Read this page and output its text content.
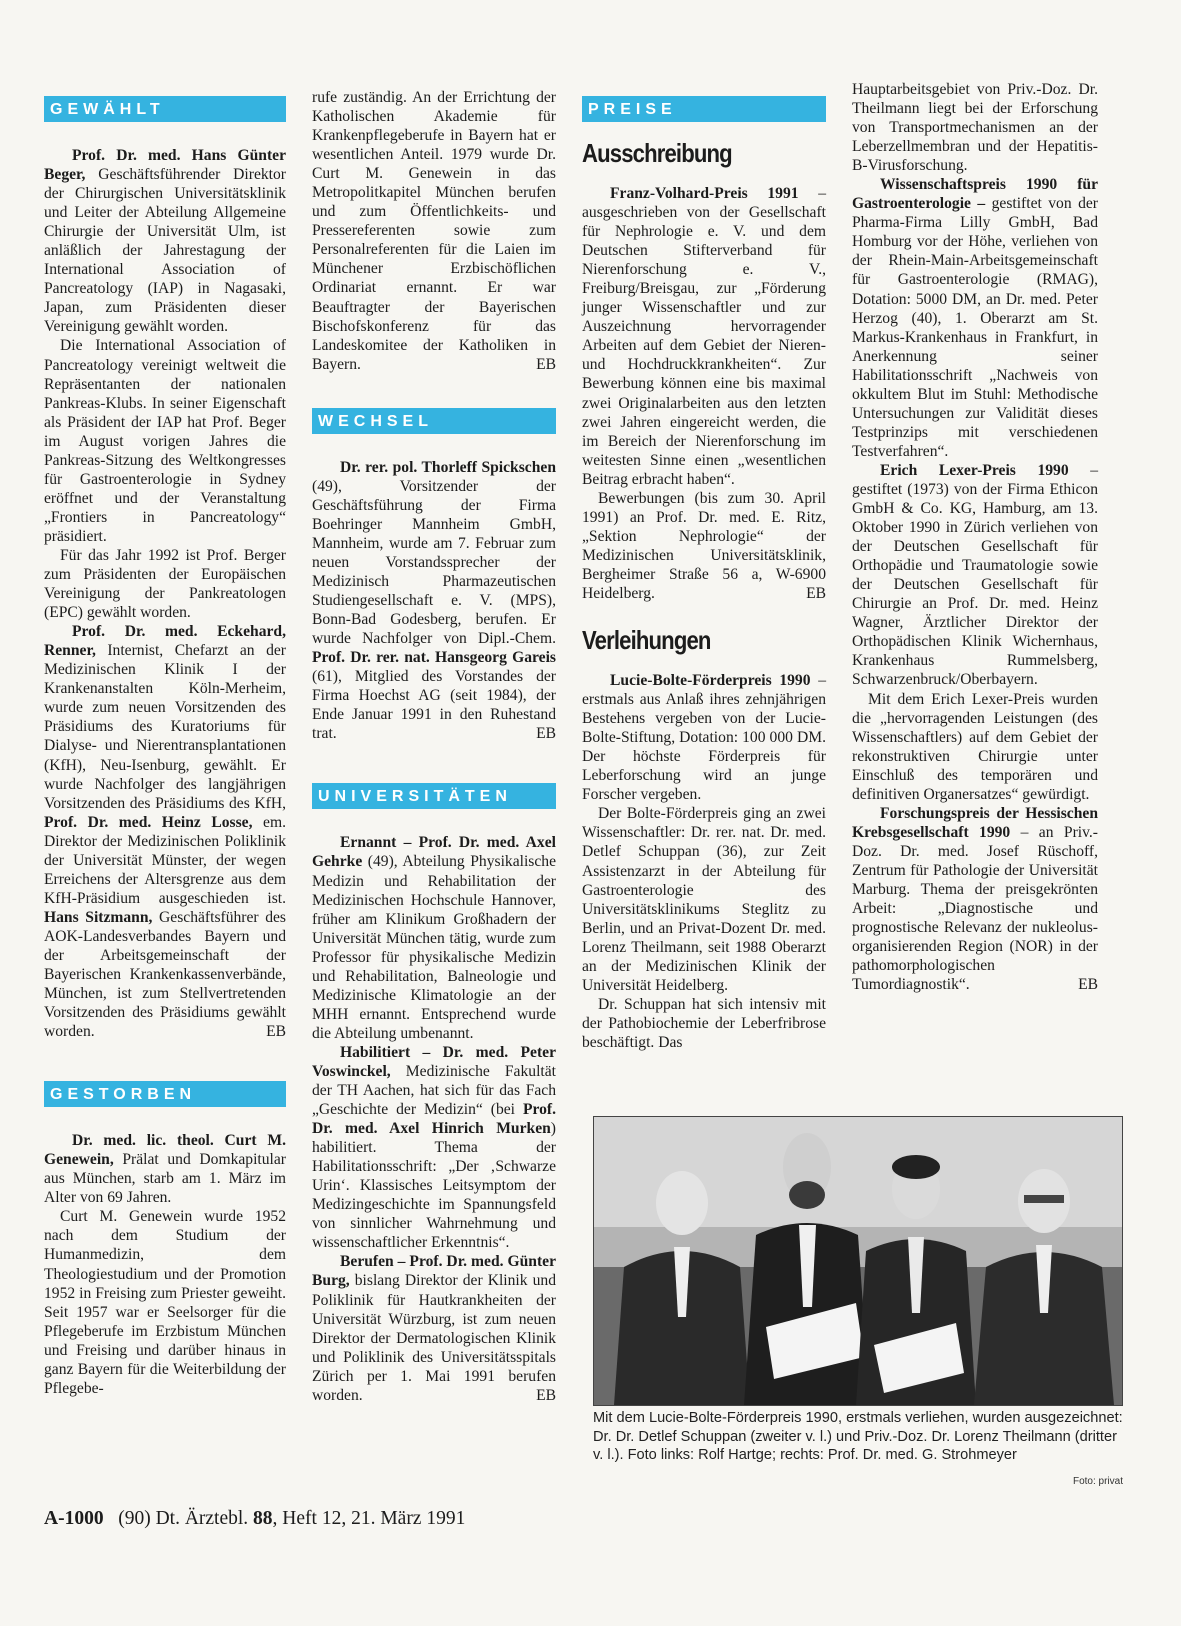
GEWÄHLT

Prof. Dr. med. Hans Günter Beger, Geschäftsführender Direktor der Chirurgischen Universitätsklinik und Leiter der Abteilung Allgemeine Chirurgie der Universität Ulm, ist anläßlich der Jahrestagung der International Association of Pancreatology (IAP) in Nagasaki, Japan, zum Präsidenten dieser Vereinigung gewählt worden.

Die International Association of Pancreatology vereinigt weltweit die Repräsentanten der nationalen Pankreas-Klubs. In seiner Eigenschaft als Präsident der IAP hat Prof. Beger im August vorigen Jahres die Pankreas-Sitzung des Weltkongresses für Gastroenterologie in Sydney eröffnet und der Veranstaltung „Frontiers in Pancreatology“ präsidiert.

Für das Jahr 1992 ist Prof. Berger zum Präsidenten der Europäischen Vereinigung der Pankreatologen (EPC) gewählt worden.

Prof. Dr. med. Eckehard, Renner, Internist, Chefarzt an der Medizinischen Klinik I der Krankenanstalten Köln-Merheim, wurde zum neuen Vorsitzenden des Präsidiums des Kuratoriums für Dialyse- und Nierentransplantationen (KfH), Neu-Isenburg, gewählt. Er wurde Nachfolger des langjährigen Vorsitzenden des Präsidiums des KfH, Prof. Dr. med. Heinz Losse, em. Direktor der Medizinischen Poliklinik der Universität Münster, der wegen Erreichens der Altersgrenze aus dem KfH-Präsidium ausgeschieden ist. Hans Sitzmann, Geschäftsführer des AOK-Landesverbandes Bayern und der Arbeitsgemeinschaft der Bayerischen Krankenkassenverbände, München, ist zum Stellvertretenden Vorsitzenden des Präsidiums gewählt worden.	EB

GESTORBEN

Dr. med. lic. theol. Curt M. Genewein, Prälat und Domkapitular aus München, starb am 1. März im Alter von 69 Jahren.

Curt M. Genewein wurde 1952 nach dem Studium der Humanmedizin, dem Theologiestudium und der Promotion 1952 in Freising zum Priester geweiht. Seit 1957 war er Seelsorger für die Pflegeberufe im Erzbistum München und Freising und darüber hinaus in ganz Bayern für die Weiterbildung der Pflegebe-

rufe zuständig. An der Errichtung der Katholischen Akademie für Krankenpflegeberufe in Bayern hat er wesentlichen Anteil. 1979 wurde Dr. Curt M. Genewein in das Metropolitkapitel München berufen und zum Öffentlichkeits- und Pressereferenten sowie zum Personalreferenten für die Laien im Münchener Erzbischöflichen Ordinariat ernannt. Er war Beauftragter der Bayerischen Bischofskonferenz für das Landeskomitee der Katholiken in Bayern.	EB

WECHSEL

Dr. rer. pol. Thorleff Spickschen (49), Vorsitzender der Geschäftsführung der Firma Boehringer Mannheim GmbH, Mannheim, wurde am 7. Februar zum neuen Vorstandssprecher der Medizinisch Pharmazeutischen Studiengesellschaft e. V. (MPS), Bonn-Bad Godesberg, berufen. Er wurde Nachfolger von Dipl.-Chem. Prof. Dr. rer. nat. Hansgeorg Gareis (61), Mitglied des Vorstandes der Firma Hoechst AG (seit 1984), der Ende Januar 1991 in den Ruhestand trat.	EB

UNIVERSITÄTEN

Ernannt – Prof. Dr. med. Axel Gehrke (49), Abteilung Physikalische Medizin und Rehabilitation der Medizinischen Hochschule Hannover, früher am Klinikum Großhadern der Universität München tätig, wurde zum Professor für physikalische Medizin und Rehabilitation, Balneologie und Medizinische Klimatologie an der MHH ernannt. Entsprechend wurde die Abteilung umbenannt.

Habilitiert – Dr. med. Peter Voswinckel, Medizinische Fakultät der TH Aachen, hat sich für das Fach „Geschichte der Medizin“ (bei Prof. Dr. med. Axel Hinrich Murken) habilitiert. Thema der Habilitationsschrift: „Der ‚Schwarze Urin‘. Klassisches Leitsymptom der Medizingeschichte im Spannungsfeld von sinnlicher Wahrnehmung und wissenschaftlicher Erkenntnis“.

Berufen – Prof. Dr. med. Günter Burg, bislang Direktor der Klinik und Poliklinik für Hautkrankheiten der Universität Würzburg, ist zum neuen Direktor der Dermatologischen Klinik und Poliklinik des Universitätsspitals Zürich per 1. Mai 1991 berufen worden.	EB

PREISE
Ausschreibung

Franz-Volhard-Preis 1991 – ausgeschrieben von der Gesellschaft für Nephrologie e. V. und dem Deutschen Stifterverband für Nierenforschung e. V., Freiburg/Breisgau, zur „Förderung junger Wissenschaftler und zur Auszeichnung hervorragender Arbeiten auf dem Gebiet der Nieren- und Hochdruckkrankheiten“. Zur Bewerbung können eine bis maximal zwei Originalarbeiten aus den letzten zwei Jahren eingereicht werden, die im Bereich der Nierenforschung im weitesten Sinne einen „wesentlichen Beitrag erbracht haben“.

Bewerbungen (bis zum 30. April 1991) an Prof. Dr. med. E. Ritz, „Sektion Nephrologie“ der Medizinischen Universitätsklinik, Bergheimer Straße 56 a, W-6900 Heidelberg.	EB

Verleihungen

Lucie-Bolte-Förderpreis 1990 – erstmals aus Anlaß ihres zehnjährigen Bestehens vergeben von der Lucie-Bolte-Stiftung, Dotation: 100 000 DM. Der höchste Förderpreis für Leberforschung wird an junge Forscher vergeben.

Der Bolte-Förderpreis ging an zwei Wissenschaftler: Dr. rer. nat. Dr. med. Detlef Schuppan (36), zur Zeit Assistenzarzt in der Abteilung für Gastroenterologie des Universitätsklinikums Steglitz zu Berlin, und an Privat-Dozent Dr. med. Lorenz Theilmann, seit 1988 Oberarzt an der Medizinischen Klinik der Universität Heidelberg.

Dr. Schuppan hat sich intensiv mit der Pathobiochemie der Leberfribrose beschäftigt. Das

Hauptarbeitsgebiet von Priv.-Doz. Dr. Theilmann liegt bei der Erforschung von Transportmechanismen an der Leberzellmembran und der Hepatitis-B-Virusforschung.

Wissenschaftspreis 1990 für Gastroenterologie – gestiftet von der Pharma-Firma Lilly GmbH, Bad Homburg vor der Höhe, verliehen von der Rhein-Main-Arbeitsgemeinschaft für Gastroenterologie (RMAG), Dotation: 5000 DM, an Dr. med. Peter Herzog (40), 1. Oberarzt am St. Markus-Krankenhaus in Frankfurt, in Anerkennung seiner Habilitationsschrift „Nachweis von okkultem Blut im Stuhl: Methodische Untersuchungen zur Validität dieses Testprinzips mit verschiedenen Testverfahren“.

Erich Lexer-Preis 1990 – gestiftet (1973) von der Firma Ethicon GmbH & Co. KG, Hamburg, am 13. Oktober 1990 in Zürich verliehen von der Deutschen Gesellschaft für Orthopädie und Traumatologie sowie der Deutschen Gesellschaft für Chirurgie an Prof. Dr. med. Heinz Wagner, Ärztlicher Direktor der Orthopädischen Klinik Wichernhaus, Krankenhaus Rummelsberg, Schwarzenbruck/Oberbayern.

Mit dem Erich Lexer-Preis wurden die „hervorragenden Leistungen (des Wissenschaftlers) auf dem Gebiet der rekonstruktiven Chirurgie unter Einschluß des temporären und definitiven Organersatzes“ gewürdigt.

Forschungspreis der Hessischen Krebsgesellschaft 1990 – an Priv.-Doz. Dr. med. Josef Rüschoff, Zentrum für Pathologie der Universität Marburg. Thema der preisgekrönten Arbeit: „Diagnostische und prognostische Relevanz der nukleolus-organisierenden Region (NOR) in der pathomorphologischen Tumordiagnostik“.	EB

Mit dem Lucie-Bolte-Förderpreis 1990, erstmals verliehen, wurden ausgezeichnet: Dr. Dr. Detlef Schuppan (zweiter v. l.) und Priv.-Doz. Dr. Lorenz Theilmann (dritter v. l.). Foto links: Rolf Hartge; rechts: Prof. Dr. med. G. Strohmeyer
Foto: privat
A-1000 (90) Dt. Ärztebl. 88, Heft 12, 21. März 1991
